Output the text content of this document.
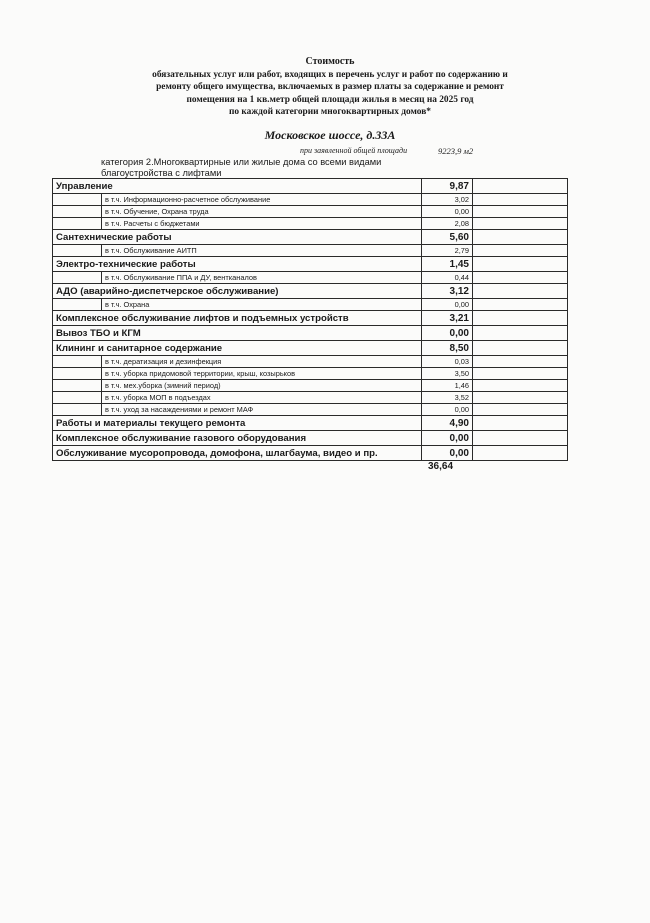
Стоимость
обязательных услуг или работ, входящих в перечень услуг и работ по содержанию и
ремонту общего имущества, включаемых в размер платы за содержание и ремонт
помещения на 1 кв.метр общей площади жилья в месяц на 2025 год
по каждой категории многоквартирных домов*
Московское шоссе, д.33А
при заявленной общей площади	9223,9 м2
категория 2.Многоквартирные или жилые дома со всеми видами благоустройства с лифтами
Управление		9,87	
	в т.ч. Информационно-расчетное обслуживание	3,02	
	в т.ч. Обучение, Охрана труда	0,00	
	в т.ч. Расчеты с бюджетами	2,08	
Сантехнические работы		5,60	
	в т.ч. Обслуживание АИТП	2,79	
Электро-технические работы		1,45	
	в т.ч. Обслуживание ППА и ДУ, вентканалов	0,44	
АДО (аварийно-диспетчерское обслуживание)		3,12	
	в т.ч. Охрана	0,00	
Комплексное обслуживание лифтов и подъемных устройств		3,21	
Вывоз ТБО и КГМ		0,00	
Клининг и санитарное содержание		8,50	
	в т.ч. дератизация и дезинфекция	0,03	
	в т.ч. уборка придомовой территории, крыш, козырьков	3,50	
	в т.ч. мех.уборка (зимний период)	1,46	
	в т.ч. уборка МОП в подъездах	3,52	
	в т.ч. уход за насаждениями и ремонт МАФ	0,00	
Работы и материалы текущего ремонта		4,90	
Комплексное обслуживание газового оборудования		0,00	
Обслуживание мусоропровода, домофона, шлагбаума, видео и пр.		0,00	
36,64
